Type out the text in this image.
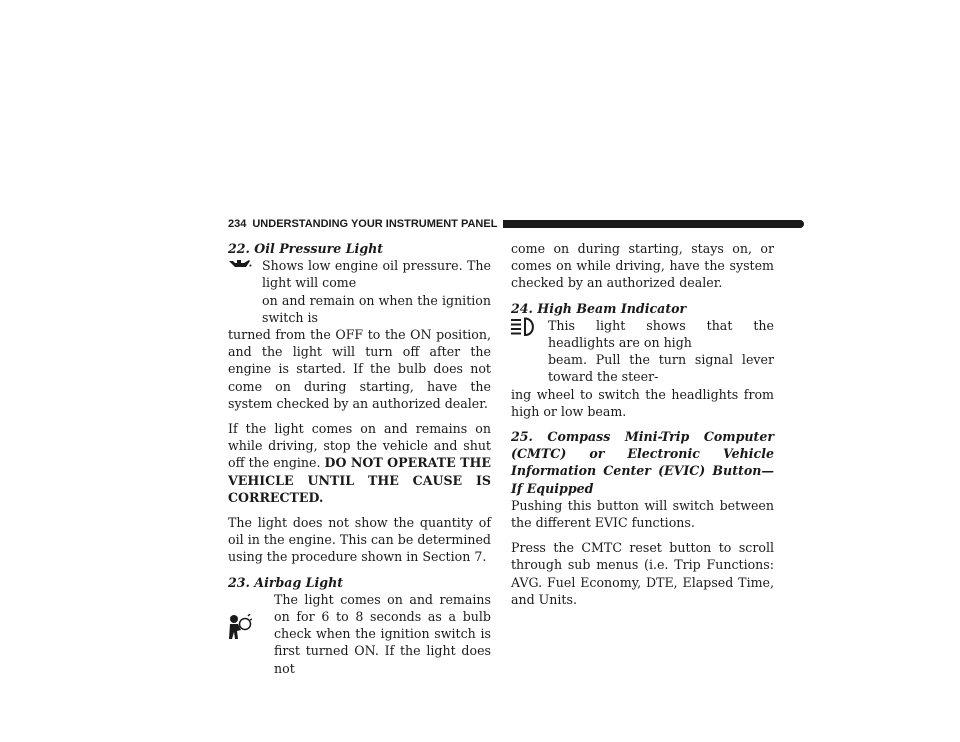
234 UNDERSTANDING YOUR INSTRUMENT PANEL

22. Oil Pressure Light

Shows low engine oil pressure. The light will come

on and remain on when the ignition switch is

turned from the OFF to the ON position, and the light will turn off after the engine is started. If the bulb does not come on during starting, have the system checked by an authorized dealer.

If the light comes on and remains on while driving, stop the vehicle and shut off the engine. DO NOT OPERATE THE VEHICLE UNTIL THE CAUSE IS CORRECTED.

The light does not show the quantity of oil in the engine. This can be determined using the procedure shown in Section 7.

23. Airbag Light

The light comes on and remains on for 6 to 8 seconds as a bulb check when the ignition switch is first turned ON. If the light does not

come on during starting, stays on, or comes on while driving, have the system checked by an authorized dealer.

24. High Beam Indicator

This light shows that the headlights are on high

beam. Pull the turn signal lever toward the steer-

ing wheel to switch the headlights from high or low beam.

25. Compass Mini-Trip Computer (CMTC) or Electronic Vehicle Information Center (EVIC) Button—If Equipped

Pushing this button will switch between the different EVIC functions.

Press the CMTC reset button to scroll through sub menus (i.e. Trip Functions: AVG. Fuel Economy, DTE, Elapsed Time, and Units.
